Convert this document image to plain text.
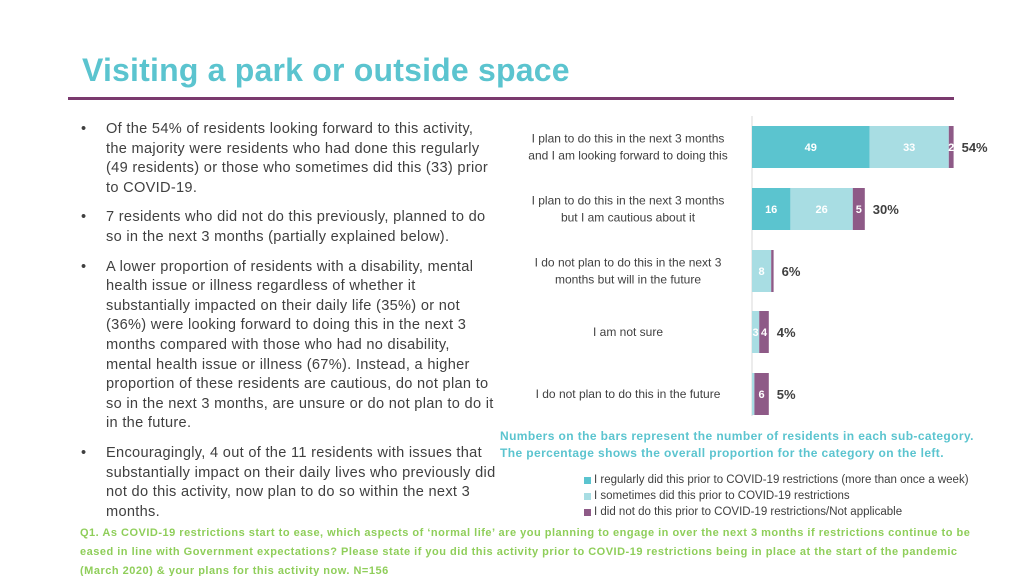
Visiting a park or outside space
• Of the 54% of residents looking forward to this activity, the majority were residents who had done this regularly (49 residents) or those who sometimes did this (33) prior to COVID-19.
• 7 residents who did not do this previously, planned to do so in the next 3 months (partially explained below).
• A lower proportion of residents with a disability, mental health issue or illness regardless of whether it substantially impacted on their daily life (35%) or not (36%) were looking forward to doing this in the next 3 months compared with those who had no disability, mental health issue or illness (67%). Instead, a higher proportion of these residents are cautious, do not plan to so in the next 3 months, are unsure or do not plan to do it in the future.
• Encouragingly, 4 out of the 11 residents with issues that substantially impact on their daily lives who previously did not do this activity, now plan to do so within the next 3 months.
I plan to do this in the next 3 months
and I am looking forward to doing this
49	33	2 54%
I plan to do this in the next 3 months
but I am cautious about it
16	26	5 30%
I do not plan to do this in the next 3
months but will in the future
8 6%
I am not sure	3 4 4%
I do not plan to do this in the future	6 5%
Numbers on the bars represent the number of residents in each sub-category.
The percentage shows the overall proportion for the category on the left.
I regularly did this prior to COVID-19 restrictions (more than once a week)
I sometimes did this prior to COVID-19 restrictions
I did not do this prior to COVID-19 restrictions/Not applicable
Q1. As COVID-19 restrictions start to ease, which aspects of ‘normal life’ are you planning to engage in over the next 3 months if restrictions continue to be eased in line with Government expectations? Please state if you did this activity prior to COVID-19 restrictions being in place at the start of the pandemic (March 2020) & your plans for this activity now. N=156
